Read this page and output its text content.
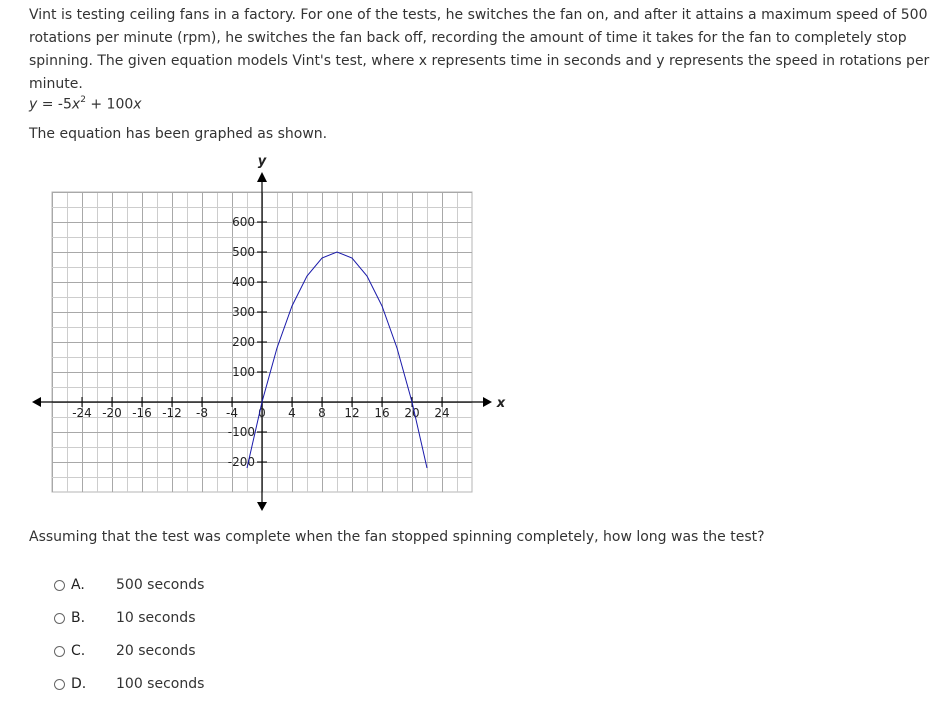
Vint is testing ceiling fans in a factory. For one of the tests, he switches the fan on, and after it attains a maximum speed of 500 rotations per minute (rpm), he switches the fan back off, recording the amount of time it takes for the fan to completely stop spinning. The given equation models Vint's test, where x represents time in seconds and y represents the speed in rotations per minute.

$y = -5x^2 + 100x$
The equation has been graphed as shown.
-24 -20 -16 -12 -8 -4 0 4 8 12 16 20 24
-200
-100
100
200
300
400
500
600
x
y
Assuming that the test was complete when the fan stopped spinning completely, how long was the test?
A.	500 seconds
B.	10 seconds
C.	20 seconds
D.	100 seconds
